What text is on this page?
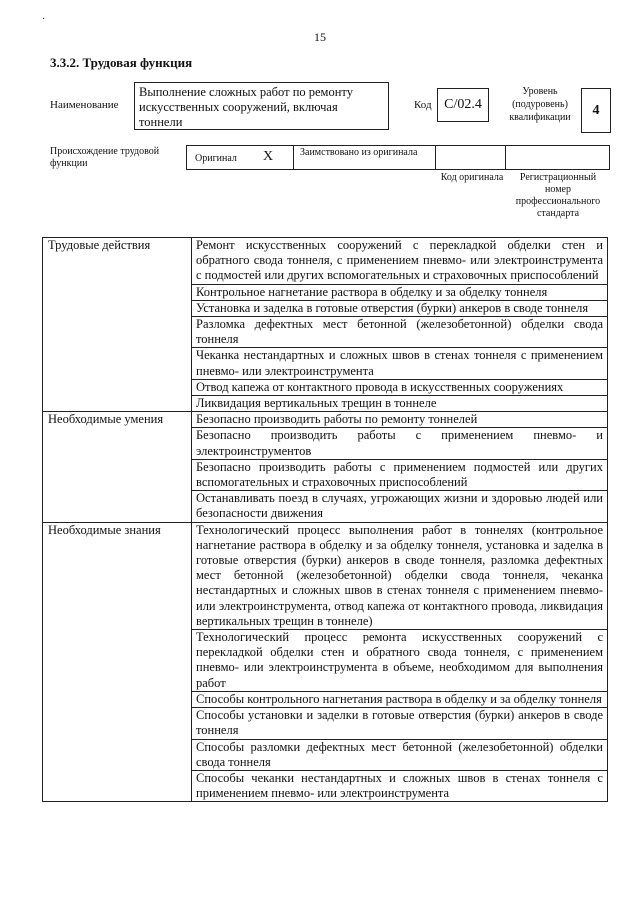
·
15
3.3.2. Трудовая функция
Наименование
Выполнение сложных работ по ремонту искусственных сооружений, включая тоннели
Код C/02.4
Уровень (подуровень) квалификации	4
Происхождение трудовой функции	Оригинал X	Заимствовано из оригинала
Код оригинала	Регистрационный номер профессионального стандарта
Трудовые действия	Ремонт искусственных сооружений с перекладкой обделки стен и обратного свода тоннеля, с применением пневмо- или электроинструмента с подмостей или других вспомогательных и страховочных приспособлений
	Контрольное нагнетание раствора в обделку и за обделку тоннеля
	Установка и заделка в готовые отверстия (бурки) анкеров в своде тоннеля
	Разломка дефектных мест бетонной (железобетонной) обделки свода тоннеля
	Чеканка нестандартных и сложных швов в стенах тоннеля с применением пневмо- или электроинструмента
	Отвод капежа от контактного провода в искусственных сооружениях
	Ликвидация вертикальных трещин в тоннеле
Необходимые умения	Безопасно производить работы по ремонту тоннелей
	Безопасно производить работы с применением пневмо- и электроинструментов
	Безопасно производить работы с применением подмостей или других вспомогательных и страховочных приспособлений
	Останавливать поезд в случаях, угрожающих жизни и здоровью людей или безопасности движения
Необходимые знания	Технологический процесс выполнения работ в тоннелях (контрольное нагнетание раствора в обделку и за обделку тоннеля, установка и заделка в готовые отверстия (бурки) анкеров в своде тоннеля, разломка дефектных мест бетонной (железобетонной) обделки свода тоннеля, чеканка нестандартных и сложных швов в стенах тоннеля с применением пневмо- или электроинструмента, отвод капежа от контактного провода, ликвидация вертикальных трещин в тоннеле)
	Технологический процесс ремонта искусственных сооружений с перекладкой обделки стен и обратного свода тоннеля, с применением пневмо- или электроинструмента в объеме, необходимом для выполнения работ
	Способы контрольного нагнетания раствора в обделку и за обделку тоннеля
	Способы установки и заделки в готовые отверстия (бурки) анкеров в своде тоннеля
	Способы разломки дефектных мест бетонной (железобетонной) обделки свода тоннеля
	Способы чеканки нестандартных и сложных швов в стенах тоннеля с применением пневмо- или электроинструмента
